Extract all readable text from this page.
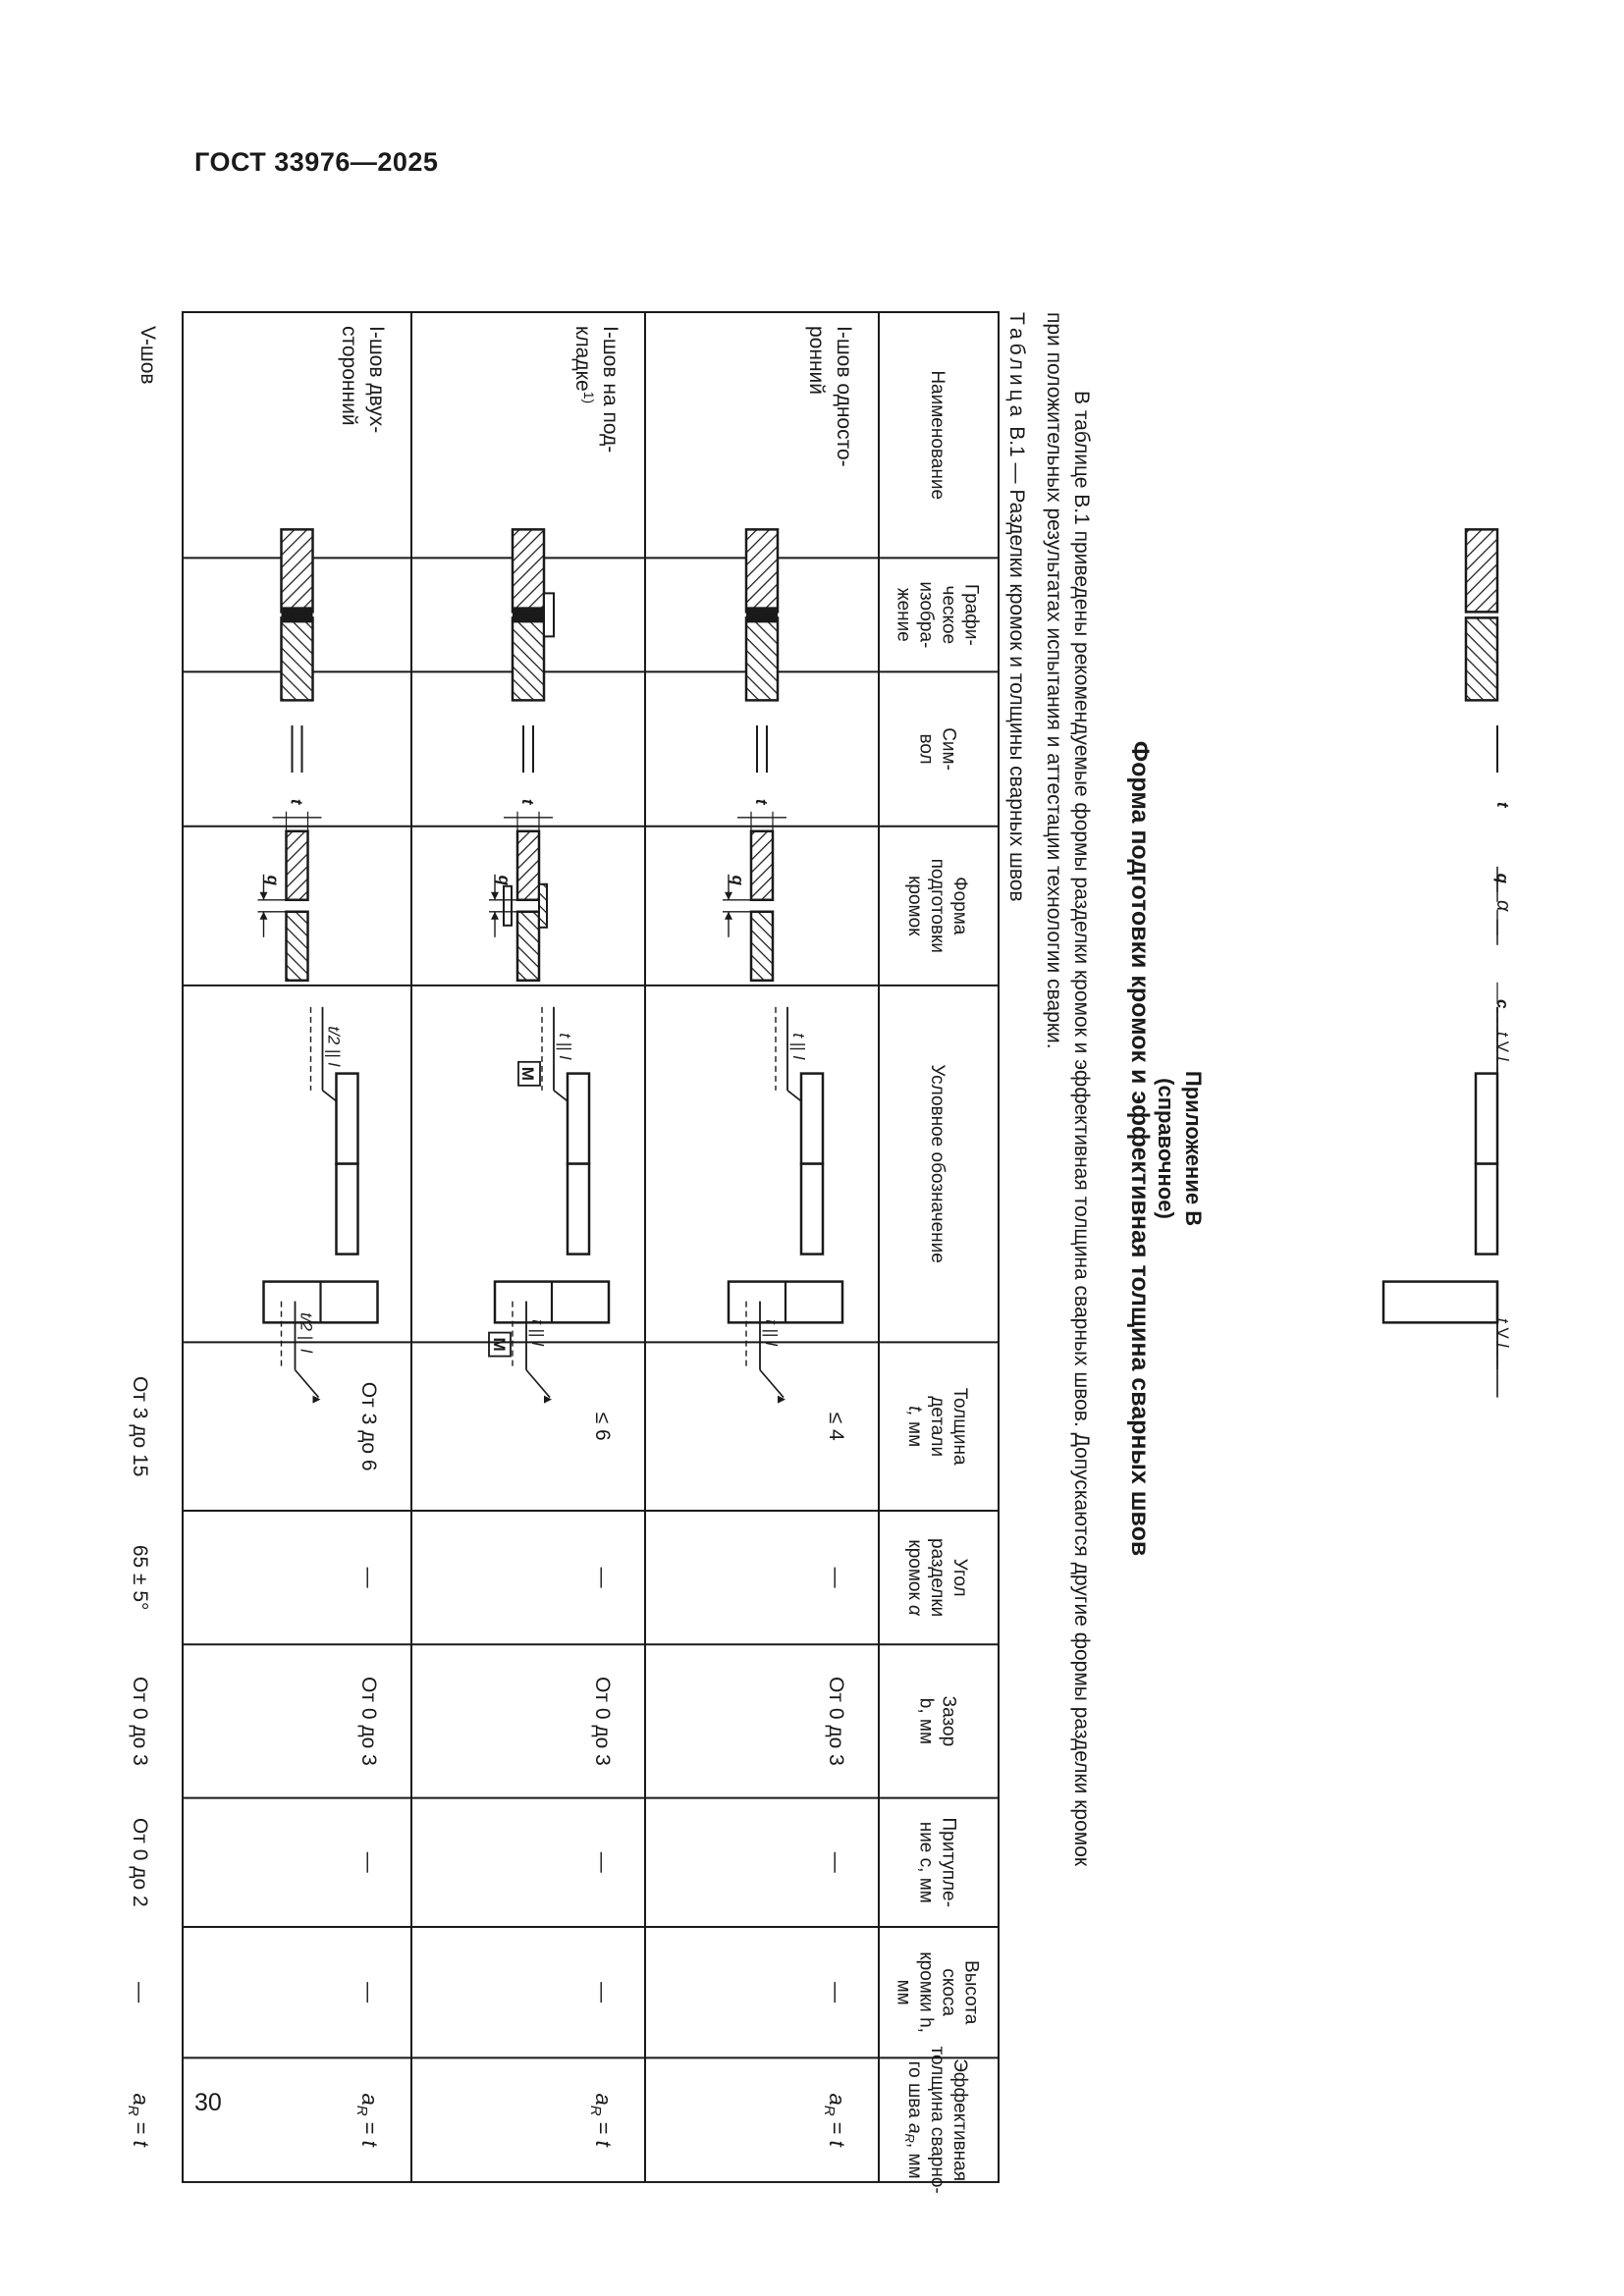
ГОСТ 33976—2025
30
Приложение В
(справочное)
Форма подготовки кромок и эффективная толщина сварных швов
В таблице В.1 приведены рекомендуемые формы разделки кромок и эффективная толщина сварных швов. Допускаются другие формы разделки кромок
при положительных результатах испытания и аттестации технологии сварки.
Таблица В.1 — Разделки кромок и толщины сварных швов
Наименование
Графи-
ческое
изобра-
жение
Сим-
вол
Форма
подготовки
кромок
Условное обозначение
Толщина
детали
t, мм
Угол
разделки
кромок α
Зазор
b, мм
Притупле-
ние c, мм
Высота
скоса
кромки h,
мм
Эффективная
толщина сварно-
го шва $a_R$, мм
I-шов односто-
ронний
≤ 4
—
От 0 до 3
—
—
$a_R = t$
q
t
t || l
t || l
I-шов на под-
кладке$^{1)}$
≤ 6
—
От 0 до 3
—
—
$a_R = t$
q
t
t || l
M
t || l
M
I-шов двух-
сторонний
От 3 до 6
—
От 0 до 3
—
—
$a_R = t$
q
t
t/2 || l
t/2 || l
V-шов
От 3 до 15
65 ± 5°
От 0 до 3
От 0 до 2
—
$a_R = t$
α
q
t
c
t V l
t V l
